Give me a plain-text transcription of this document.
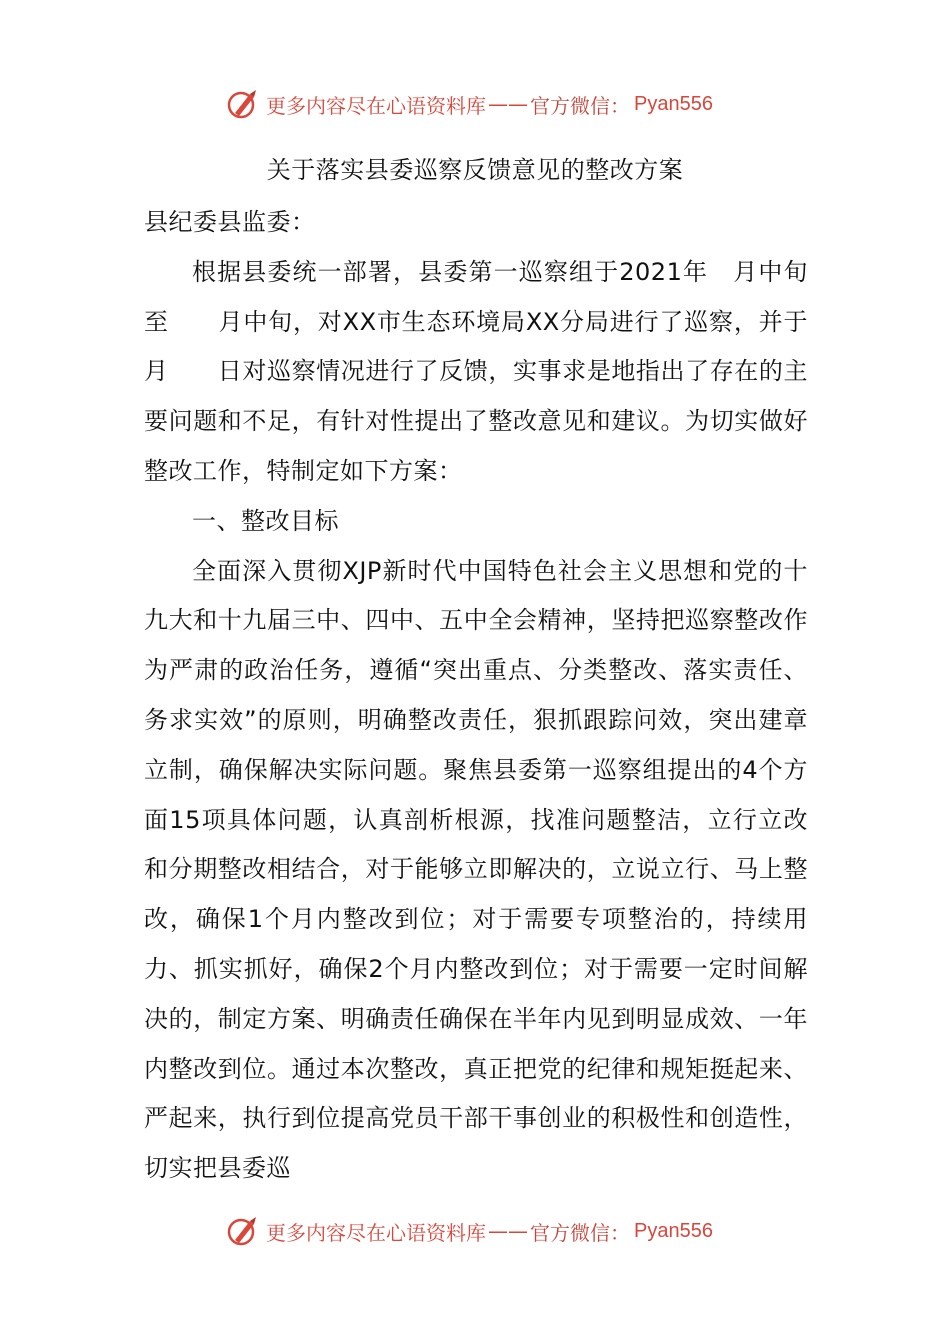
更多内容尽在心语资料库 —— 官方微信： Pyan556
关于落实县委巡察反馈意见的整改方案

县纪委县监委：

根据县委统一部署，县委第一巡察组于2021年　月中旬至　　月中旬，对XX市生态环境局XX分局进行了巡察，并于　　月　　日对巡察情况进行了反馈，实事求是地指出了存在的主要问题和不足，有针对性提出了整改意见和建议。为切实做好整改工作，特制定如下方案：

一、整改目标

全面深入贯彻XJP新时代中国特色社会主义思想和党的十九大和十九届三中、四中、五中全会精神，坚持把巡察整改作为严肃的政治任务，遵循“突出重点、分类整改、落实责任、务求实效”的原则，明确整改责任，狠抓跟踪问效，突出建章立制，确保解决实际问题。聚焦县委第一巡察组提出的4个方面15项具体问题，认真剖析根源，找准问题整洁，立行立改和分期整改相结合，对于能够立即解决的，立说立行、马上整改，确保1个月内整改到位；对于需要专项整治的，持续用力、抓实抓好，确保2个月内整改到位；对于需要一定时间解决的，制定方案、明确责任确保在半年内见到明显成效、一年内整改到位。通过本次整改，真正把党的纪律和规矩挺起来、严起来，执行到位提高党员干部干事创业的积极性和创造性，切实把县委巡

更多内容尽在心语资料库 —— 官方微信： Pyan556
